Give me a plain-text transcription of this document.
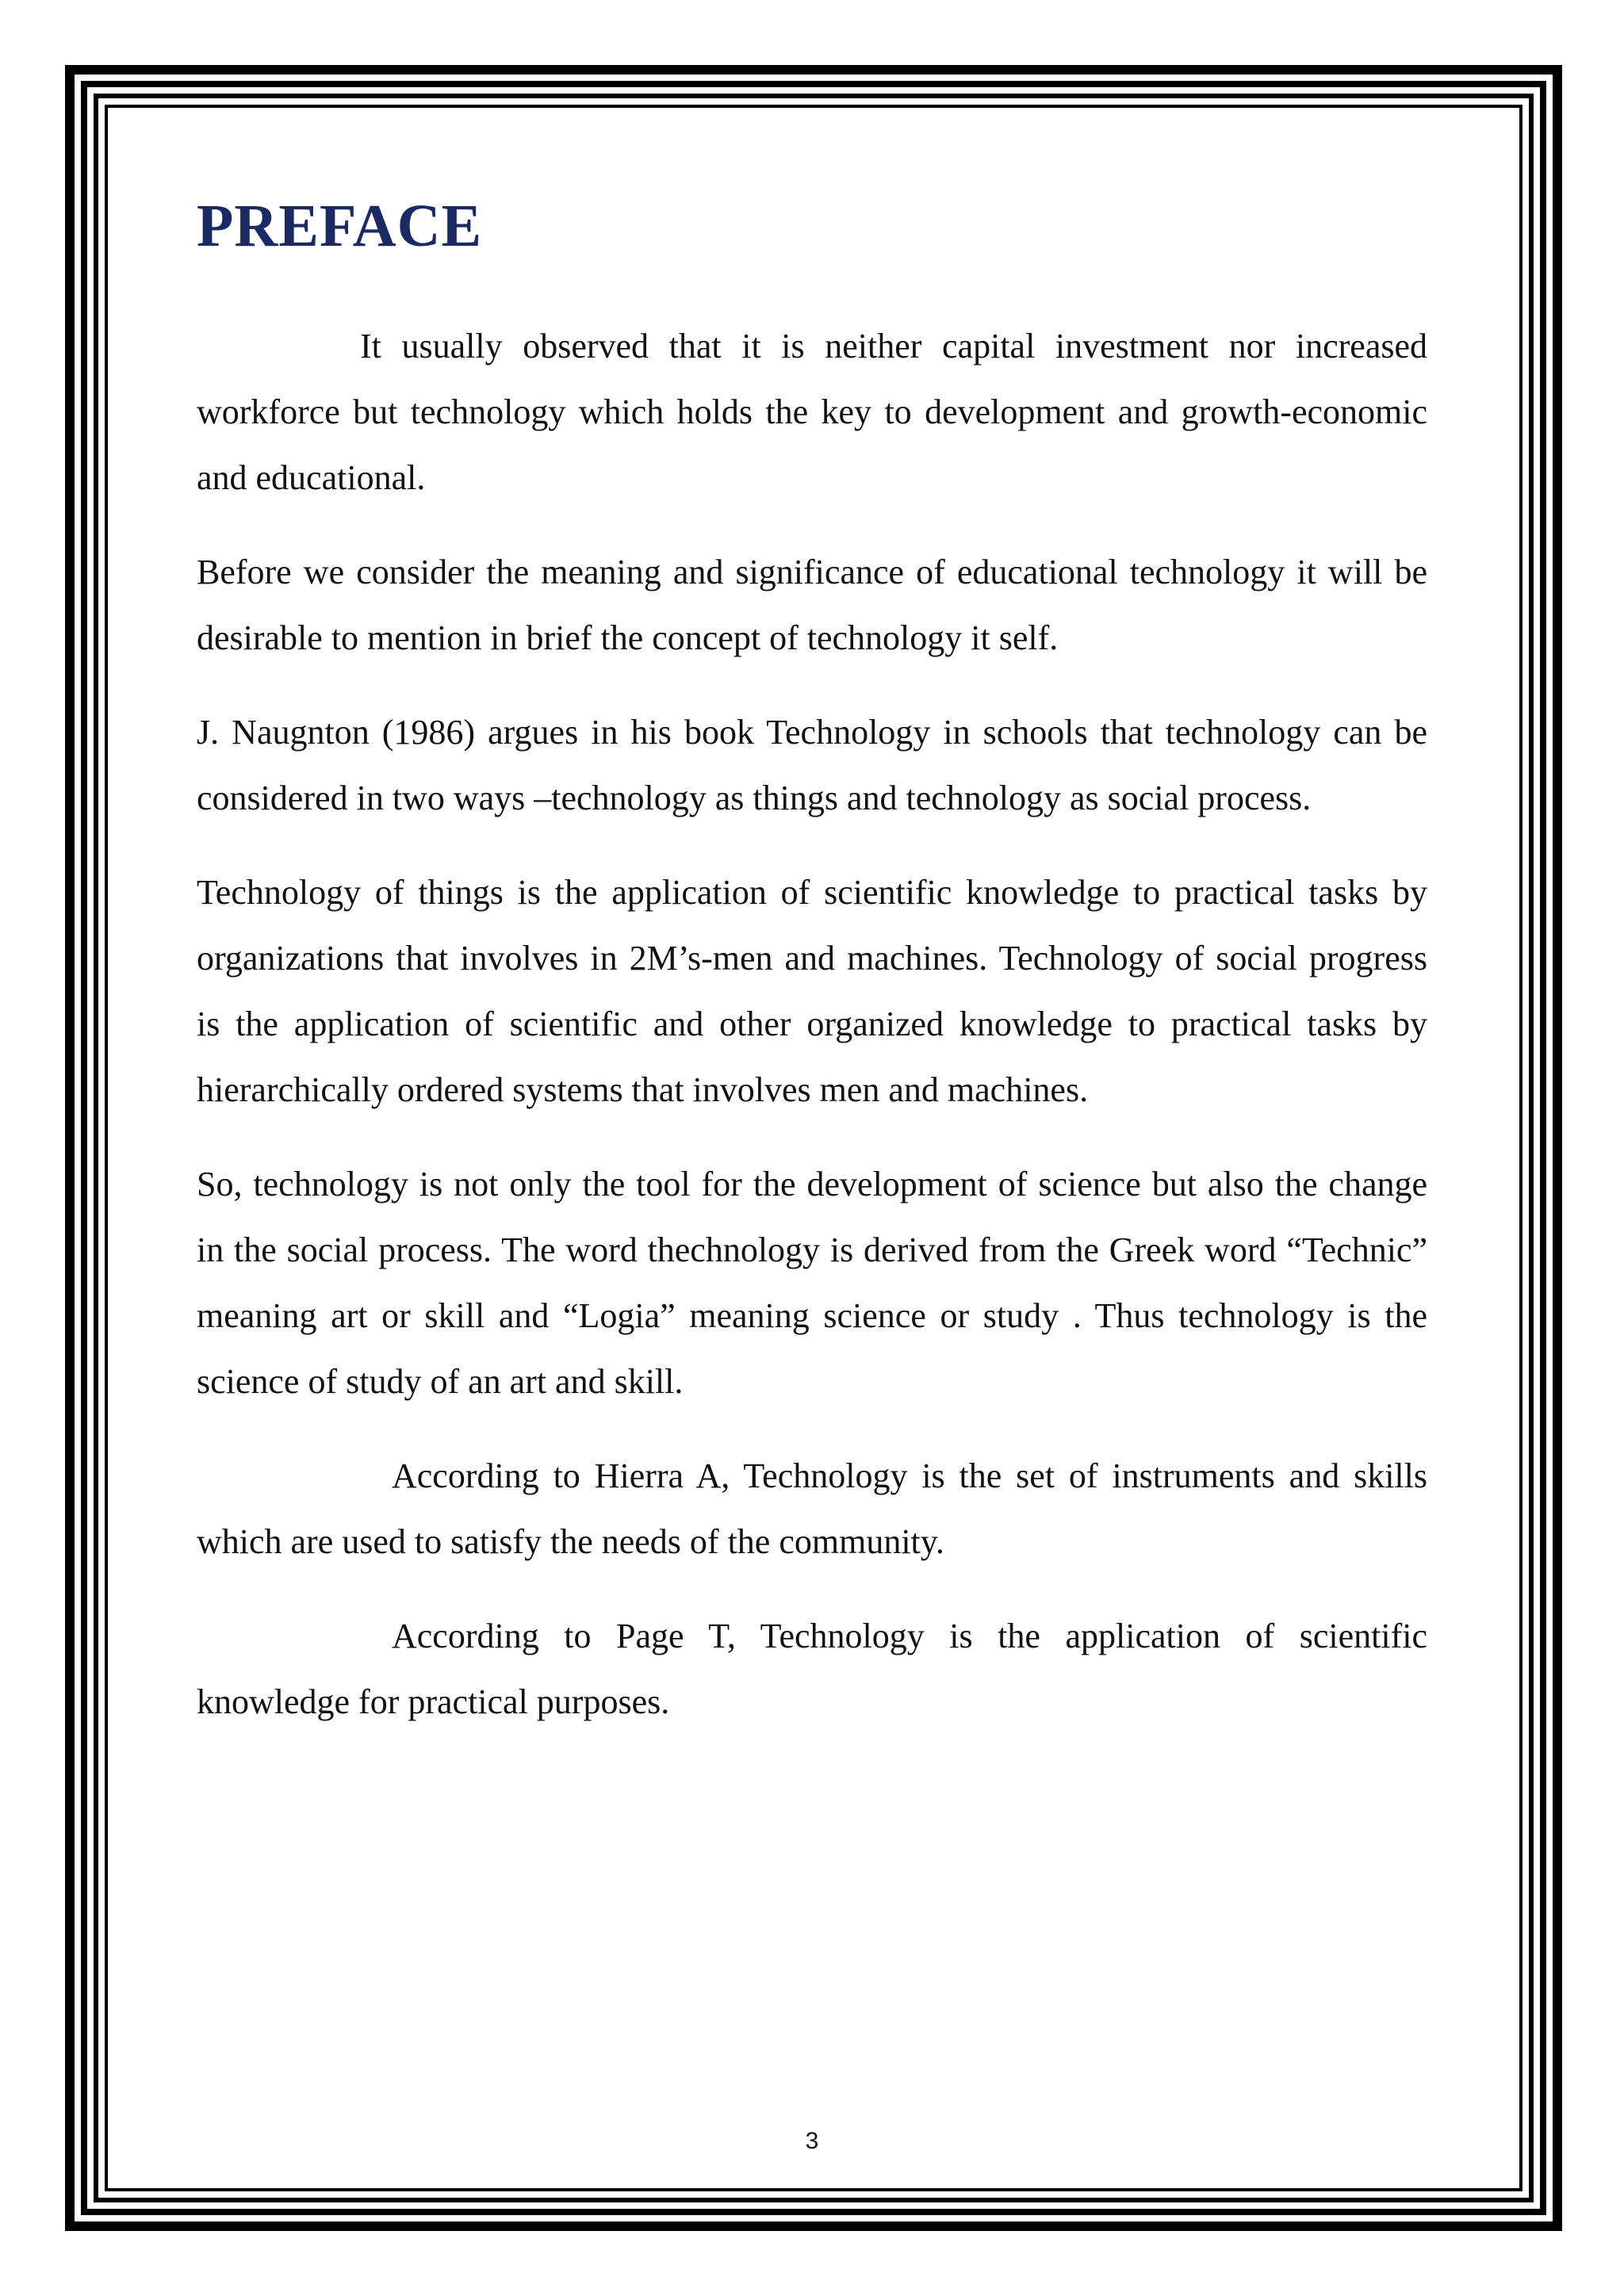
PREFACE

It usually observed that it is neither capital investment nor increased workforce but technology which holds the key to development and growth-economic and educational.

Before we consider the meaning and significance of educational technology it will be desirable to mention in brief the concept of technology it self.

J. Naugnton (1986) argues in his book Technology in schools that technology can be considered in two ways –technology as things and technology as social process.

Technology of things is the application of scientific knowledge to practical tasks by organizations that involves in 2M’s-men and machines. Technology of social progress is the application of scientific and other organized knowledge to practical tasks by hierarchically ordered systems that involves men and machines.

So, technology is not only the tool for the development of science but also the change in the social process. The word thechnology is derived from the Greek word “Technic” meaning art or skill and “Logia” meaning science or study . Thus technology is the science of study of an art and skill.

According to Hierra A, Technology is the set of instruments and skills which are used to satisfy the needs of the community.

According to Page T, Technology is the application of scientific knowledge for practical purposes.

3
